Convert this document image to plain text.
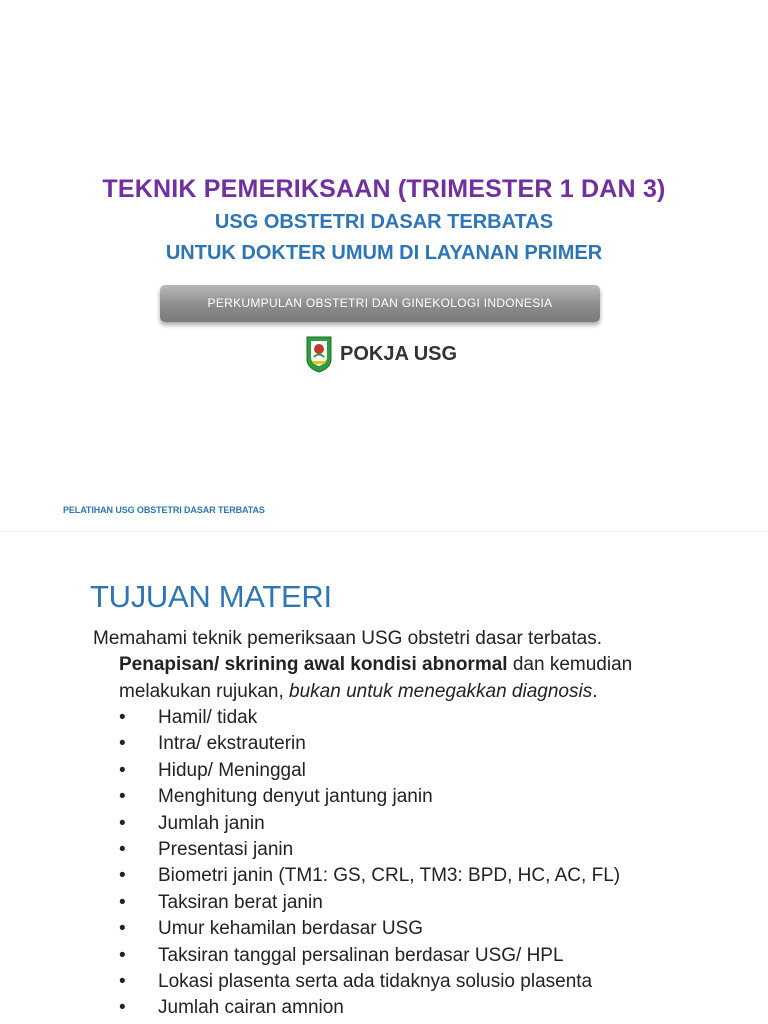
TEKNIK PEMERIKSAAN (TRIMESTER 1 DAN 3)
USG OBSTETRI DASAR TERBATAS
UNTUK DOKTER UMUM DI LAYANAN PRIMER
PERKUMPULAN OBSTETRI DAN GINEKOLOGI INDONESIA
POKJA USG
PELATIHAN USG OBSTETRI DASAR TERBATAS
TUJUAN MATERI
Memahami teknik pemeriksaan USG obstetri dasar terbatas.
Penapisan/ skrining awal kondisi abnormal dan kemudian melakukan rujukan, bukan untuk menegakkan diagnosis.
• Hamil/ tidak
• Intra/ ekstrauterin
• Hidup/ Meninggal
• Menghitung denyut jantung janin
• Jumlah janin
• Presentasi janin
• Biometri janin (TM1: GS, CRL, TM3: BPD, HC, AC, FL)
• Taksiran berat janin
• Umur kehamilan berdasar USG
• Taksiran tanggal persalinan berdasar USG/ HPL
• Lokasi plasenta serta ada tidaknya solusio plasenta
• Jumlah cairan amnion
